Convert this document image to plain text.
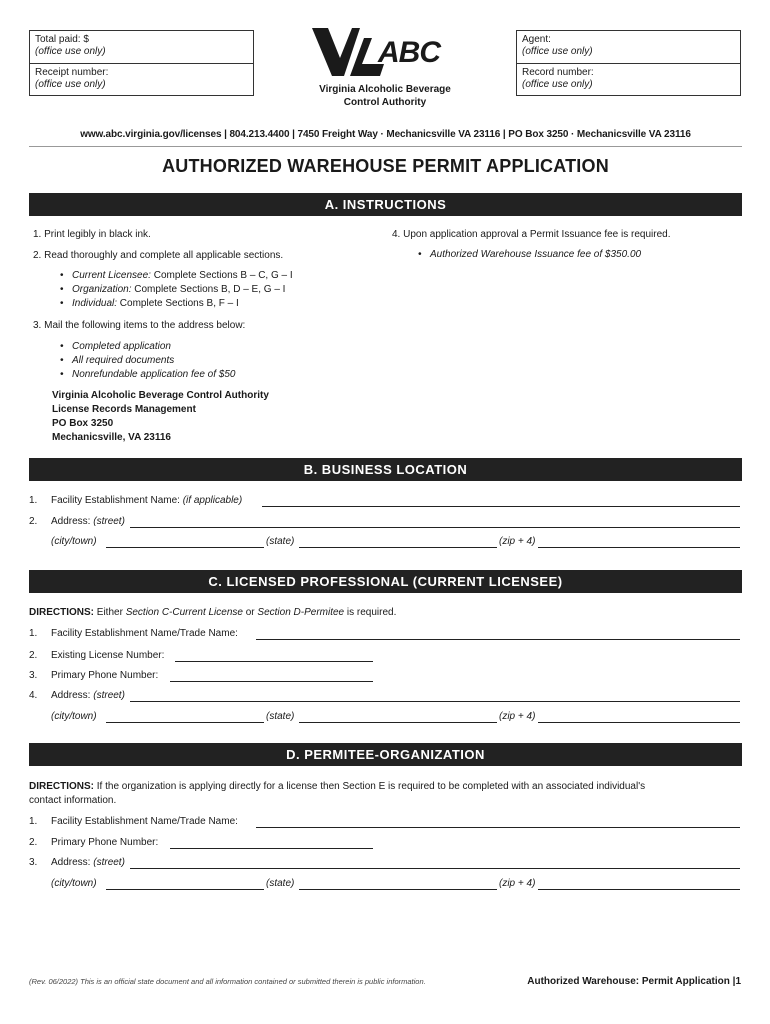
Total paid: $
(office use only)
Receipt number:
(office use only)
Agent:
(office use only)
Record number:
(office use only)
ABC
Virginia Alcoholic Beverage
Control Authority
www.abc.virginia.gov/licenses | 804.213.4400 | 7450 Freight Way · Mechanicsville VA 23116 | PO Box 3250 · Mechanicsville VA 23116
AUTHORIZED WAREHOUSE PERMIT APPLICATION
A. INSTRUCTIONS
1. Print legibly in black ink.
2. Read thoroughly and complete all applicable sections.
• Current Licensee: Complete Sections B – C, G – I
• Organization: Complete Sections B, D – E, G – I
• Individual: Complete Sections B, F – I
3. Mail the following items to the address below:
• Completed application
• All required documents
• Nonrefundable application fee of $50
Virginia Alcoholic Beverage Control Authority
License Records Management
PO Box 3250
Mechanicsville, VA 23116
4. Upon application approval a Permit Issuance fee is required.
• Authorized Warehouse Issuance fee of $350.00
B. BUSINESS LOCATION
1. Facility Establishment Name: (if applicable)
2. Address: (street)
(city/town)	(state)	(zip + 4)
C. LICENSED PROFESSIONAL (CURRENT LICENSEE)
DIRECTIONS: Either Section C-Current License or Section D-Permitee is required.
1. Facility Establishment Name/Trade Name:
2. Existing License Number:
3. Primary Phone Number:
4. Address: (street)
(city/town)	(state)	(zip + 4)
D. PERMITEE-ORGANIZATION
DIRECTIONS: If the organization is applying directly for a license then Section E is required to be completed with an associated individual's
contact information.
1. Facility Establishment Name/Trade Name:
2. Primary Phone Number:
3. Address: (street)
(city/town)	(state)	(zip + 4)
(Rev. 06/2022) This is an official state document and all information contained or submitted therein is public information.	Authorized Warehouse: Permit Application |1
